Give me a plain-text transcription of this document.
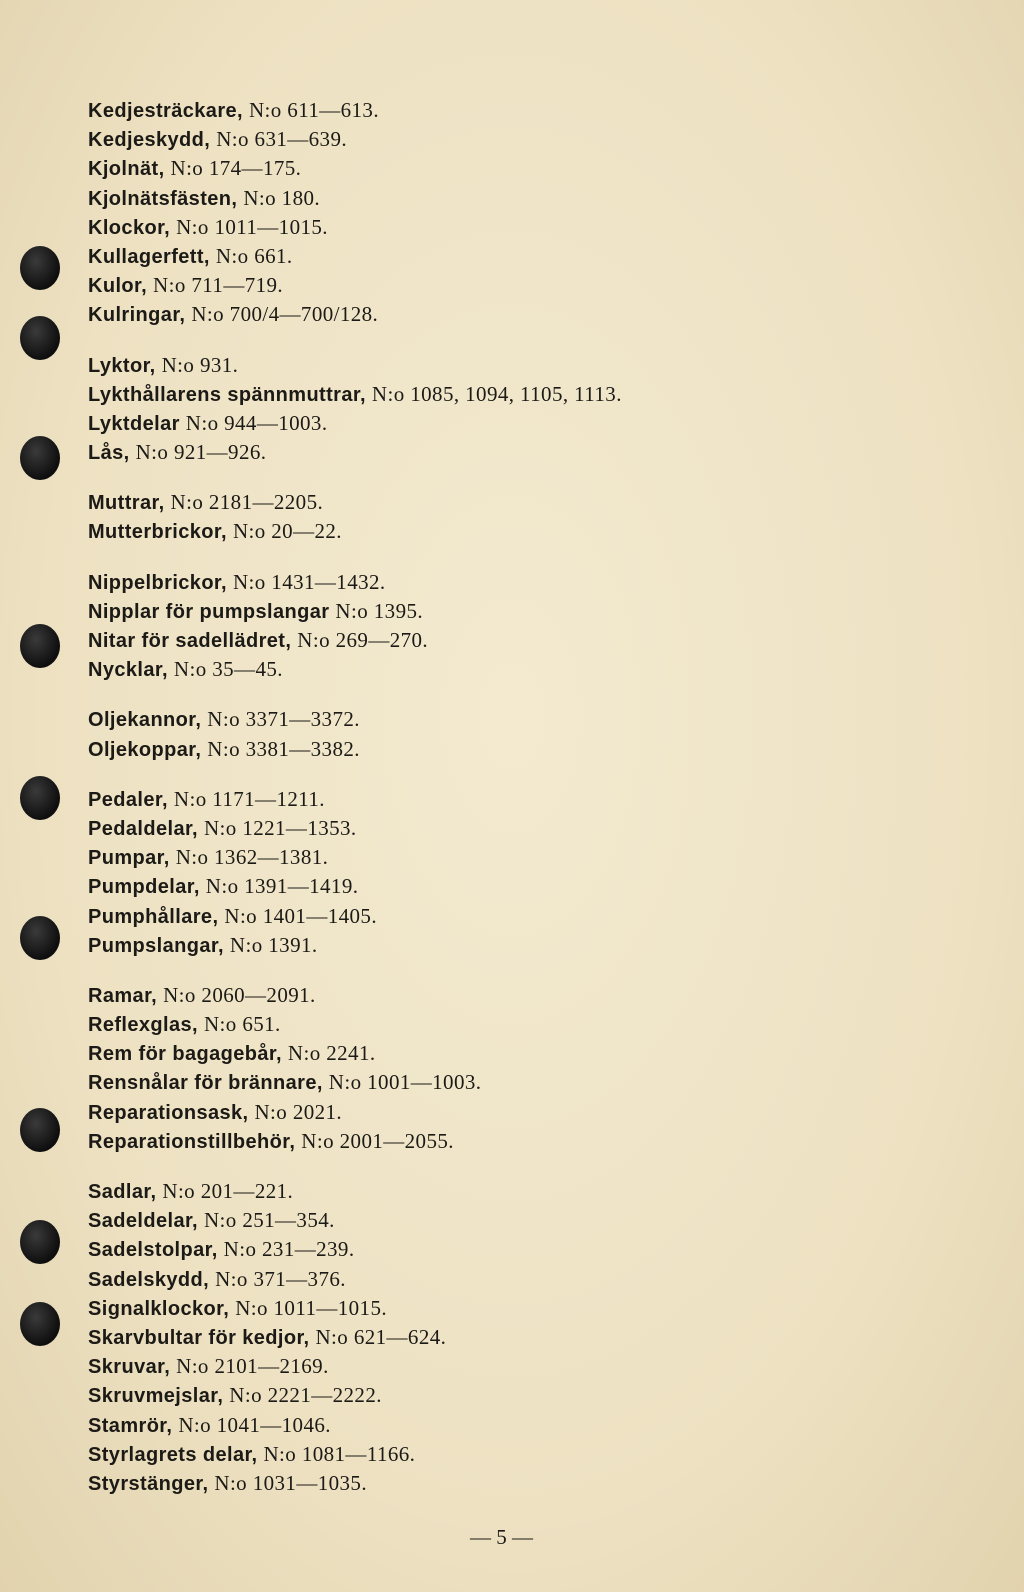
Kedjesträckare, N:o 611—613.
Kedjeskydd, N:o 631—639.
Kjolnät, N:o 174—175.
Kjolnätsfästen, N:o 180.
Klockor, N:o 1011—1015.
Kullagerfett, N:o 661.
Kulor, N:o 711—719.
Kulringar, N:o 700/4—700/128.
Lyktor, N:o 931.
Lykthållarens spännmuttrar, N:o 1085, 1094, 1105, 1113.
Lyktdelar N:o 944—1003.
Lås, N:o 921—926.
Muttrar, N:o 2181—2205.
Mutterbrickor, N:o 20—22.
Nippelbrickor, N:o 1431—1432.
Nipplar för pumpslangar N:o 1395.
Nitar för sadellädret, N:o 269—270.
Nycklar, N:o 35—45.
Oljekannor, N:o 3371—3372.
Oljekoppar, N:o 3381—3382.
Pedaler, N:o 1171—1211.
Pedaldelar, N:o 1221—1353.
Pumpar, N:o 1362—1381.
Pumpdelar, N:o 1391—1419.
Pumphållare, N:o 1401—1405.
Pumpslangar, N:o 1391.
Ramar, N:o 2060—2091.
Reflexglas, N:o 651.
Rem för bagagebår, N:o 2241.
Rensnålar för brännare, N:o 1001—1003.
Reparationsask, N:o 2021.
Reparationstillbehör, N:o 2001—2055.
Sadlar, N:o 201—221.
Sadeldelar, N:o 251—354.
Sadelstolpar, N:o 231—239.
Sadelskydd, N:o 371—376.
Signalklockor, N:o 1011—1015.
Skarvbultar för kedjor, N:o 621—624.
Skruvar, N:o 2101—2169.
Skruvmejslar, N:o 2221—2222.
Stamrör, N:o 1041—1046.
Styrlagrets delar, N:o 1081—1166.
Styrstänger, N:o 1031—1035.
— 5 —
